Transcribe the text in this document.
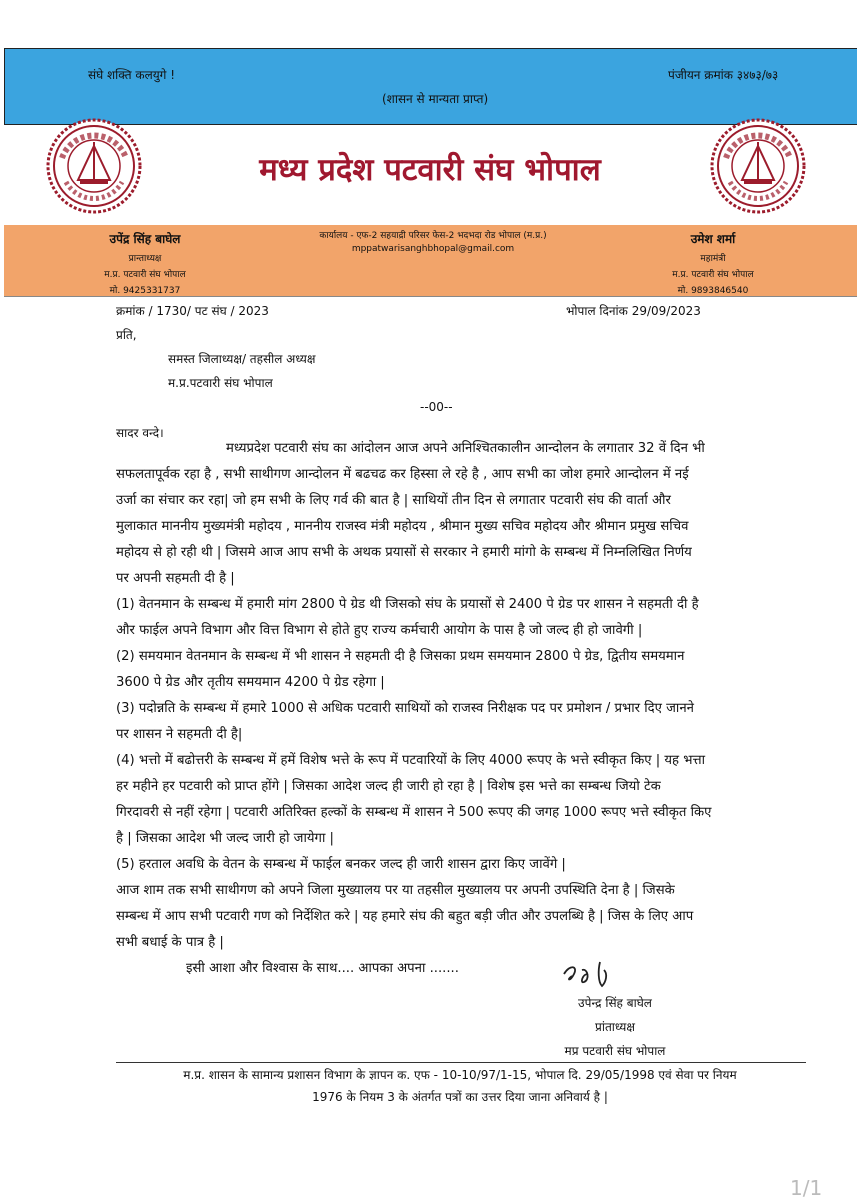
संघे शक्ति कलयुगे !	पंजीयन क्रमांक ३४७३/७३
(शासन से मान्यता प्राप्त)
मध्य प्रदेश पटवारी संघ भोपाल
उपेंद्र सिंह बाघेल
प्रान्ताध्यक्ष
म.प्र. पटवारी संघ भोपाल
मो. 9425331737
कार्यालय - एफ-2 सहयाद्री परिसर फेस-2 भदभदा रोड भोपाल (म.प्र.)
mppatwarisanghbhopal@gmail.com
उमेश शर्मा
महामंत्री
म.प्र. पटवारी संघ भोपाल
मो. 9893846540
क्रमांक / 1730/ पट संघ / 2023	भोपाल दिनांक 29/09/2023
प्रति,
समस्त जिलाध्यक्ष/ तहसील अध्यक्ष
म.प्र.पटवारी संघ भोपाल
--00--
सादर वन्दे।
मध्यप्रदेश पटवारी संघ का आंदोलन आज अपने अनिश्चितकालीन आन्दोलन के लगातार 32 वें दिन भी
सफलतापूर्वक रहा है , सभी साथीगण आन्दोलन में बढचढ कर हिस्सा ले रहे है , आप सभी का जोश हमारे आन्दोलन में नई
उर्जा का संचार कर रहा| जो हम सभी के लिए गर्व की बात है | साथियों तीन दिन से लगातार पटवारी संघ की वार्ता और
मुलाकात माननीय मुख्यमंत्री महोदय , माननीय राजस्व मंत्री महोदय , श्रीमान मुख्य सचिव महोदय और श्रीमान प्रमुख सचिव
महोदय से हो रही थी | जिसमे आज आप सभी के अथक प्रयासों से सरकार ने हमारी मांगो के सम्बन्ध में निम्नलिखित निर्णय
पर अपनी सहमती दी है |
(1) वेतनमान के सम्बन्ध में हमारी मांग 2800 पे ग्रेड थी जिसको संघ के प्रयासों से 2400 पे ग्रेड पर शासन ने सहमती दी है
और फाईल अपने विभाग और वित्त विभाग से होते हुए राज्य कर्मचारी आयोग के पास है जो जल्द ही हो जावेगी |
(2) समयमान वेतनमान के सम्बन्ध में भी शासन ने सहमती दी है जिसका प्रथम समयमान 2800 पे ग्रेड, द्वितीय समयमान
3600 पे ग्रेड और तृतीय समयमान 4200 पे ग्रेड रहेगा |
(3) पदोन्नति के सम्बन्ध में हमारे 1000 से अधिक पटवारी साथियों को राजस्व निरीक्षक पद पर प्रमोशन / प्रभार दिए जानने
पर शासन ने सहमती दी है|
(4) भत्तो में बढोत्तरी के सम्बन्ध में हमें विशेष भत्ते के रूप में पटवारियों के लिए 4000 रूपए के भत्ते स्वीकृत किए | यह भत्ता
हर महीने हर पटवारी को प्राप्त होंगे | जिसका आदेश जल्द ही जारी हो रहा है | विशेष इस भत्ते का सम्बन्ध जियो टेक
गिरदावरी से नहीं रहेगा | पटवारी अतिरिक्त हल्कों के सम्बन्ध में शासन ने 500 रूपए की जगह 1000 रूपए भत्ते स्वीकृत किए
है | जिसका आदेश भी जल्द जारी हो जायेगा |
(5) हरताल अवधि के वेतन के सम्बन्ध में फाईल बनकर जल्द ही जारी शासन द्वारा किए जावेंगे |
आज शाम तक सभी साथीगण को अपने जिला मुख्यालय पर या तहसील मुख्यालय पर अपनी उपस्थिति देना है | जिसके
सम्बन्ध में आप सभी पटवारी गण को निर्देशित करे | यह हमारे संघ की बहुत बड़ी जीत और उपलब्धि है | जिस के लिए आप
सभी बधाई के पात्र है |
इसी आशा और विश्वास के साथ.... आपका अपना .......
उपेन्द्र सिंह बाघेल
प्रांताध्यक्ष
मप्र पटवारी संघ भोपाल
म.प्र. शासन के सामान्य प्रशासन विभाग के ज्ञापन क. एफ - 10-10/97/1-15, भोपाल दि. 29/05/1998 एवं सेवा पर नियम
1976 के नियम 3 के अंतर्गत पत्रों का उत्तर दिया जाना अनिवार्य है |
1/1
